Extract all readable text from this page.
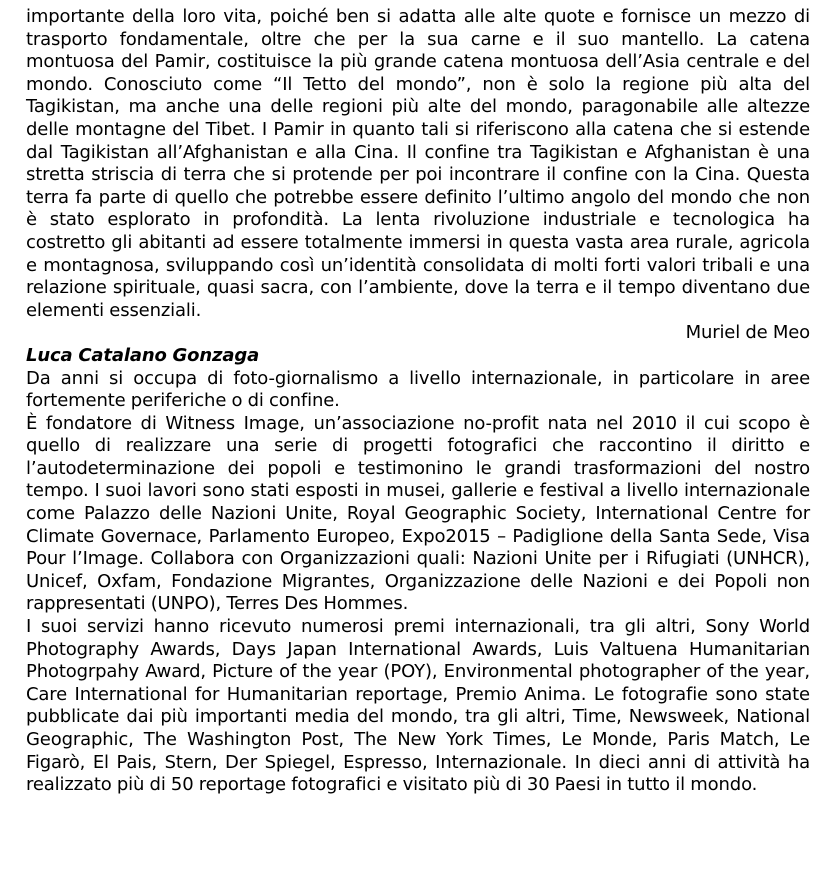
importante della loro vita, poiché ben si adatta alle alte quote e fornisce un mezzo di trasporto fondamentale, oltre che per la sua carne e il suo mantello. La catena montuosa del Pamir, costituisce la più grande catena montuosa dell’Asia centrale e del mondo. Conosciuto come “Il Tetto del mondo”, non è solo la regione più alta del Tagikistan, ma anche una delle regioni più alte del mondo, paragonabile alle altezze delle montagne del Tibet. I Pamir in quanto tali si riferiscono alla catena che si estende dal Tagikistan all’Afghanistan e alla Cina. Il confine tra Tagikistan e Afghanistan è una stretta striscia di terra che si protende per poi incontrare il confine con la Cina. Questa terra fa parte di quello che potrebbe essere definito l’ultimo angolo del mondo che non è stato esplorato in profondità. La lenta rivoluzione industriale e tecnologica ha costretto gli abitanti ad essere totalmente immersi in questa vasta area rurale, agricola e montagnosa, sviluppando così un’identità consolidata di molti forti valori tribali e una relazione spirituale, quasi sacra, con l’ambiente, dove la terra e il tempo diventano due elementi essenziali.

Muriel de Meo

Luca Catalano Gonzaga

Da anni si occupa di foto-giornalismo a livello internazionale, in particolare in aree fortemente periferiche o di confine.

È fondatore di Witness Image, un’associazione no-profit nata nel 2010 il cui scopo è quello di realizzare una serie di progetti fotografici che raccontino il diritto e l’autodeterminazione dei popoli e testimonino le grandi trasformazioni del nostro tempo. I suoi lavori sono stati esposti in musei, gallerie e festival a livello internazionale come Palazzo delle Nazioni Unite, Royal Geographic Society, International Centre for Climate Governace, Parlamento Europeo, Expo2015 – Padiglione della Santa Sede, Visa Pour l’Image. Collabora con Organizzazioni quali: Nazioni Unite per i Rifugiati (UNHCR), Unicef, Oxfam, Fondazione Migrantes, Organizzazione delle Nazioni e dei Popoli non rappresentati (UNPO), Terres Des Hommes.

I suoi servizi hanno ricevuto numerosi premi internazionali, tra gli altri, Sony World Photography Awards, Days Japan International Awards, Luis Valtuena Humanitarian Photogrpahy Award, Picture of the year (POY), Environmental photographer of the year, Care International for Humanitarian reportage, Premio Anima. Le fotografie sono state pubblicate dai più importanti media del mondo, tra gli altri, Time, Newsweek, National Geographic, The Washington Post, The New York Times, Le Monde, Paris Match, Le Figarò, El Pais, Stern, Der Spiegel, Espresso, Internazionale. In dieci anni di attività ha realizzato più di 50 reportage fotografici e visitato più di 30 Paesi in tutto il mondo.
